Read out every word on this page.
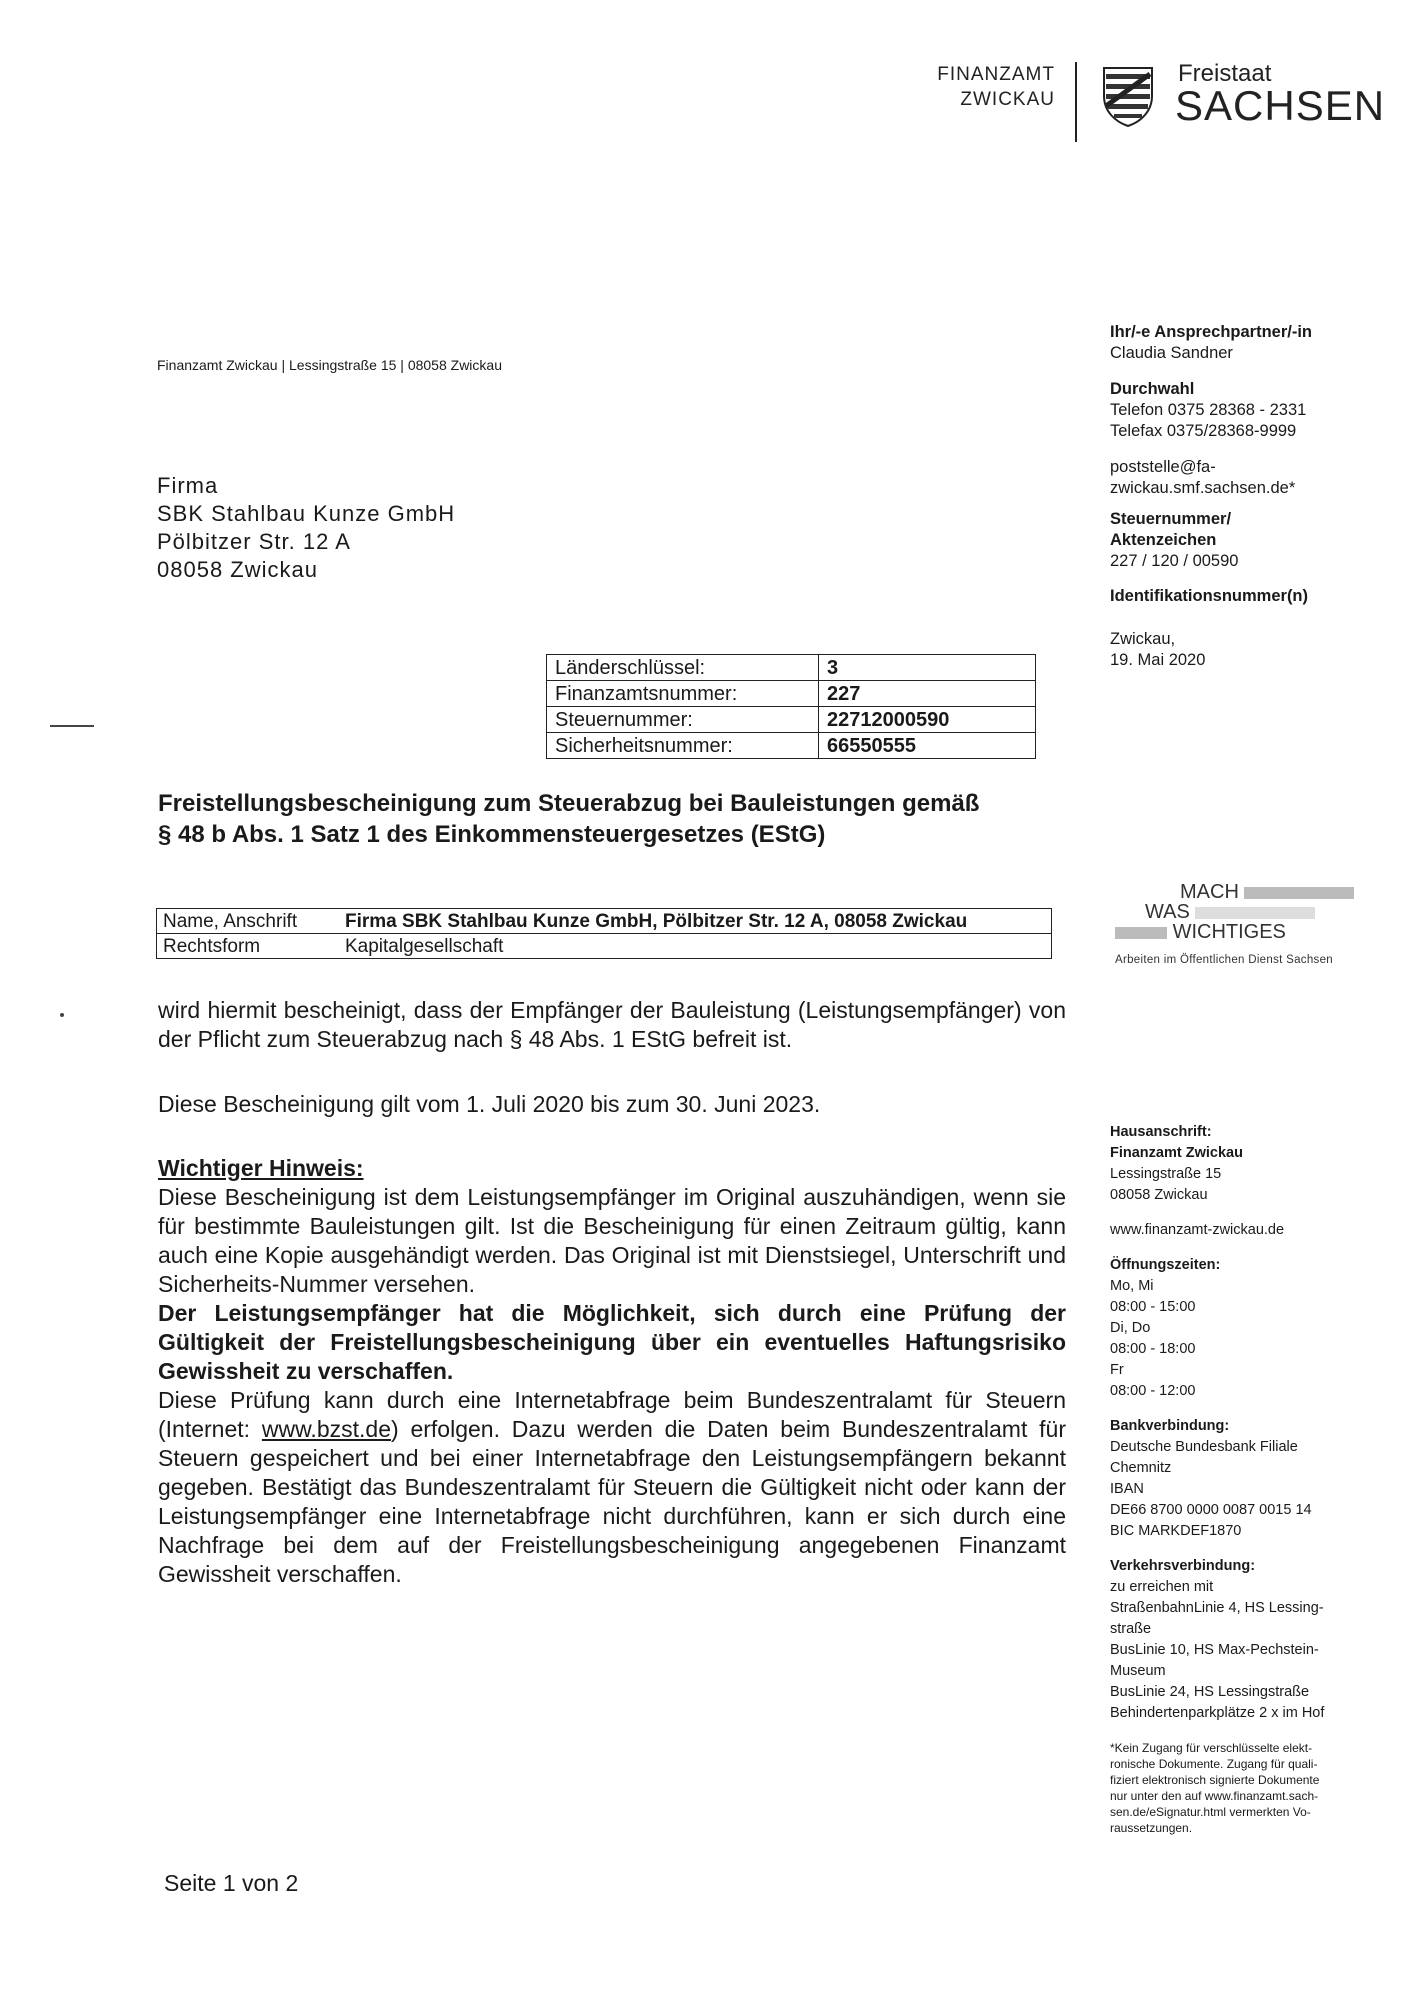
FINANZAMT
ZWICKAU
Freistaat
SACHSEN
Finanzamt Zwickau | Lessingstraße 15 | 08058 Zwickau
Firma
SBK Stahlbau Kunze GmbH
Pölbitzer Str. 12 A
08058 Zwickau
Ihr/-e Ansprechpartner/-in
Claudia Sandner
Durchwahl
Telefon 0375 28368 - 2331
Telefax 0375/28368-9999
poststelle@fa-
zwickau.smf.sachsen.de*
Steuernummer/
Aktenzeichen
227 / 120 / 00590
Identifikationsnummer(n)
Zwickau,
19. Mai 2020
Länderschlüssel:	3
Finanzamtsnummer:	227
Steuernummer:	22712000590
Sicherheitsnummer:	66550555
Freistellungsbescheinigung zum Steuerabzug bei Bauleistungen gemäß
§ 48 b Abs. 1 Satz 1 des Einkommensteuergesetzes (EStG)
Name, Anschrift	Firma SBK Stahlbau Kunze GmbH, Pölbitzer Str. 12 A, 08058 Zwickau
Rechtsform	Kapitalgesellschaft
MACH
WAS
WICHTIGES
Arbeiten im Öffentlichen Dienst Sachsen
wird hiermit bescheinigt, dass der Empfänger der Bauleistung (Leistungsempfänger) von der Pflicht zum Steuerabzug nach § 48 Abs. 1 EStG befreit ist.
Diese Bescheinigung gilt vom 1. Juli 2020 bis zum 30. Juni 2023.
Wichtiger Hinweis:
Diese Bescheinigung ist dem Leistungsempfänger im Original auszuhändigen, wenn sie für bestimmte Bauleistungen gilt. Ist die Bescheinigung für einen Zeitraum gültig, kann auch eine Kopie ausgehändigt werden. Das Original ist mit Dienstsiegel, Unterschrift und Sicherheits-Nummer versehen.
Der Leistungsempfänger hat die Möglichkeit, sich durch eine Prüfung der Gültigkeit der Freistellungsbescheinigung über ein eventuelles Haftungsrisiko Gewissheit zu verschaffen.
Diese Prüfung kann durch eine Internetabfrage beim Bundeszentralamt für Steuern (Internet: www.bzst.de) erfolgen. Dazu werden die Daten beim Bundeszentralamt für Steuern gespeichert und bei einer Internetabfrage den Leistungsempfängern bekannt gegeben. Bestätigt das Bundeszentralamt für Steuern die Gültigkeit nicht oder kann der Leistungsempfänger eine Internetabfrage nicht durchführen, kann er sich durch eine Nachfrage bei dem auf der Freistellungsbescheinigung angegebenen Finanzamt Gewissheit verschaffen.
Hausanschrift:
Finanzamt Zwickau
Lessingstraße 15
08058 Zwickau
www.finanzamt-zwickau.de
Öffnungszeiten:
Mo, Mi
08:00 - 15:00
Di, Do
08:00 - 18:00
Fr
08:00 - 12:00
Bankverbindung:
Deutsche Bundesbank Filiale
Chemnitz
IBAN
DE66 8700 0000 0087 0015 14
BIC MARKDEF1870
Verkehrsverbindung:
zu erreichen mit
StraßenbahnLinie 4, HS Lessing-
straße
BusLinie 10, HS Max-Pechstein-
Museum
BusLinie 24, HS Lessingstraße
Behindertenparkplätze 2 x im Hof
*Kein Zugang für verschlüsselte elekt-
ronische Dokumente. Zugang für quali-
fiziert elektronisch signierte Dokumente
nur unter den auf www.finanzamt.sach-
sen.de/eSignatur.html vermerkten Vo-
raussetzungen.
Seite 1 von 2
